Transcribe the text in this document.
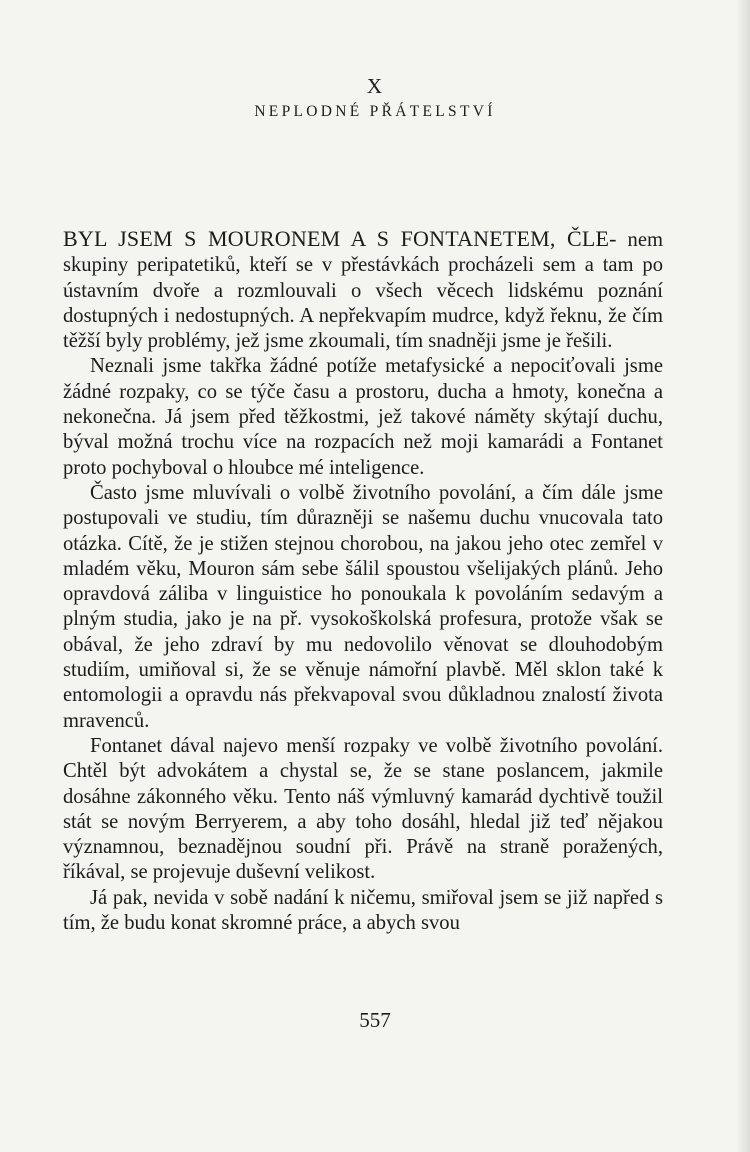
X
NEPLODNÉ PŘÁTELSTVÍ

BYL JSEM S MOURONEM A S FONTANETEM, ČLE- nem skupiny peripatetiků, kteří se v přestávkách procházeli sem a tam po ústavním dvoře a rozmlouvali o všech věcech lidskému poznání dostupných i nedostupných. A nepřekvapím mudrce, když řeknu, že čím těžší byly problémy, jež jsme zkoumali, tím snadněji jsme je řešili.

Neznali jsme takřka žádné potíže metafysické a nepociťovali jsme žádné rozpaky, co se týče času a prostoru, ducha a hmoty, konečna a nekonečna. Já jsem před těžkostmi, jež takové náměty skýtají duchu, býval možná trochu více na rozpacích než moji kamarádi a Fontanet proto pochyboval o hloubce mé inteligence.

Často jsme mluvívali o volbě životního povolání, a čím dále jsme postupovali ve studiu, tím důrazněji se našemu duchu vnucovala tato otázka. Cítě, že je stižen stejnou chorobou, na jakou jeho otec zemřel v mladém věku, Mouron sám sebe šálil spoustou všelijakých plánů. Jeho opravdová záliba v linguistice ho ponoukala k povoláním sedavým a plným studia, jako je na př. vysokoškolská profesura, protože však se obával, že jeho zdraví by mu nedovolilo věnovat se dlouhodobým studiím, umiňoval si, že se věnuje námořní plavbě. Měl sklon také k entomologii a opravdu nás překvapoval svou důkladnou znalostí života mravenců.

Fontanet dával najevo menší rozpaky ve volbě životního povolání. Chtěl být advokátem a chystal se, že se stane poslancem, jakmile dosáhne zákonného věku. Tento náš výmluvný kamarád dychtivě toužil stát se novým Berryerem, a aby toho dosáhl, hledal již teď nějakou významnou, beznadějnou soudní při. Právě na straně poražených, říkával, se projevuje duševní velikost.

Já pak, nevida v sobě nadání k ničemu, smiřoval jsem se již napřed s tím, že budu konat skromné práce, a abych svou

557
